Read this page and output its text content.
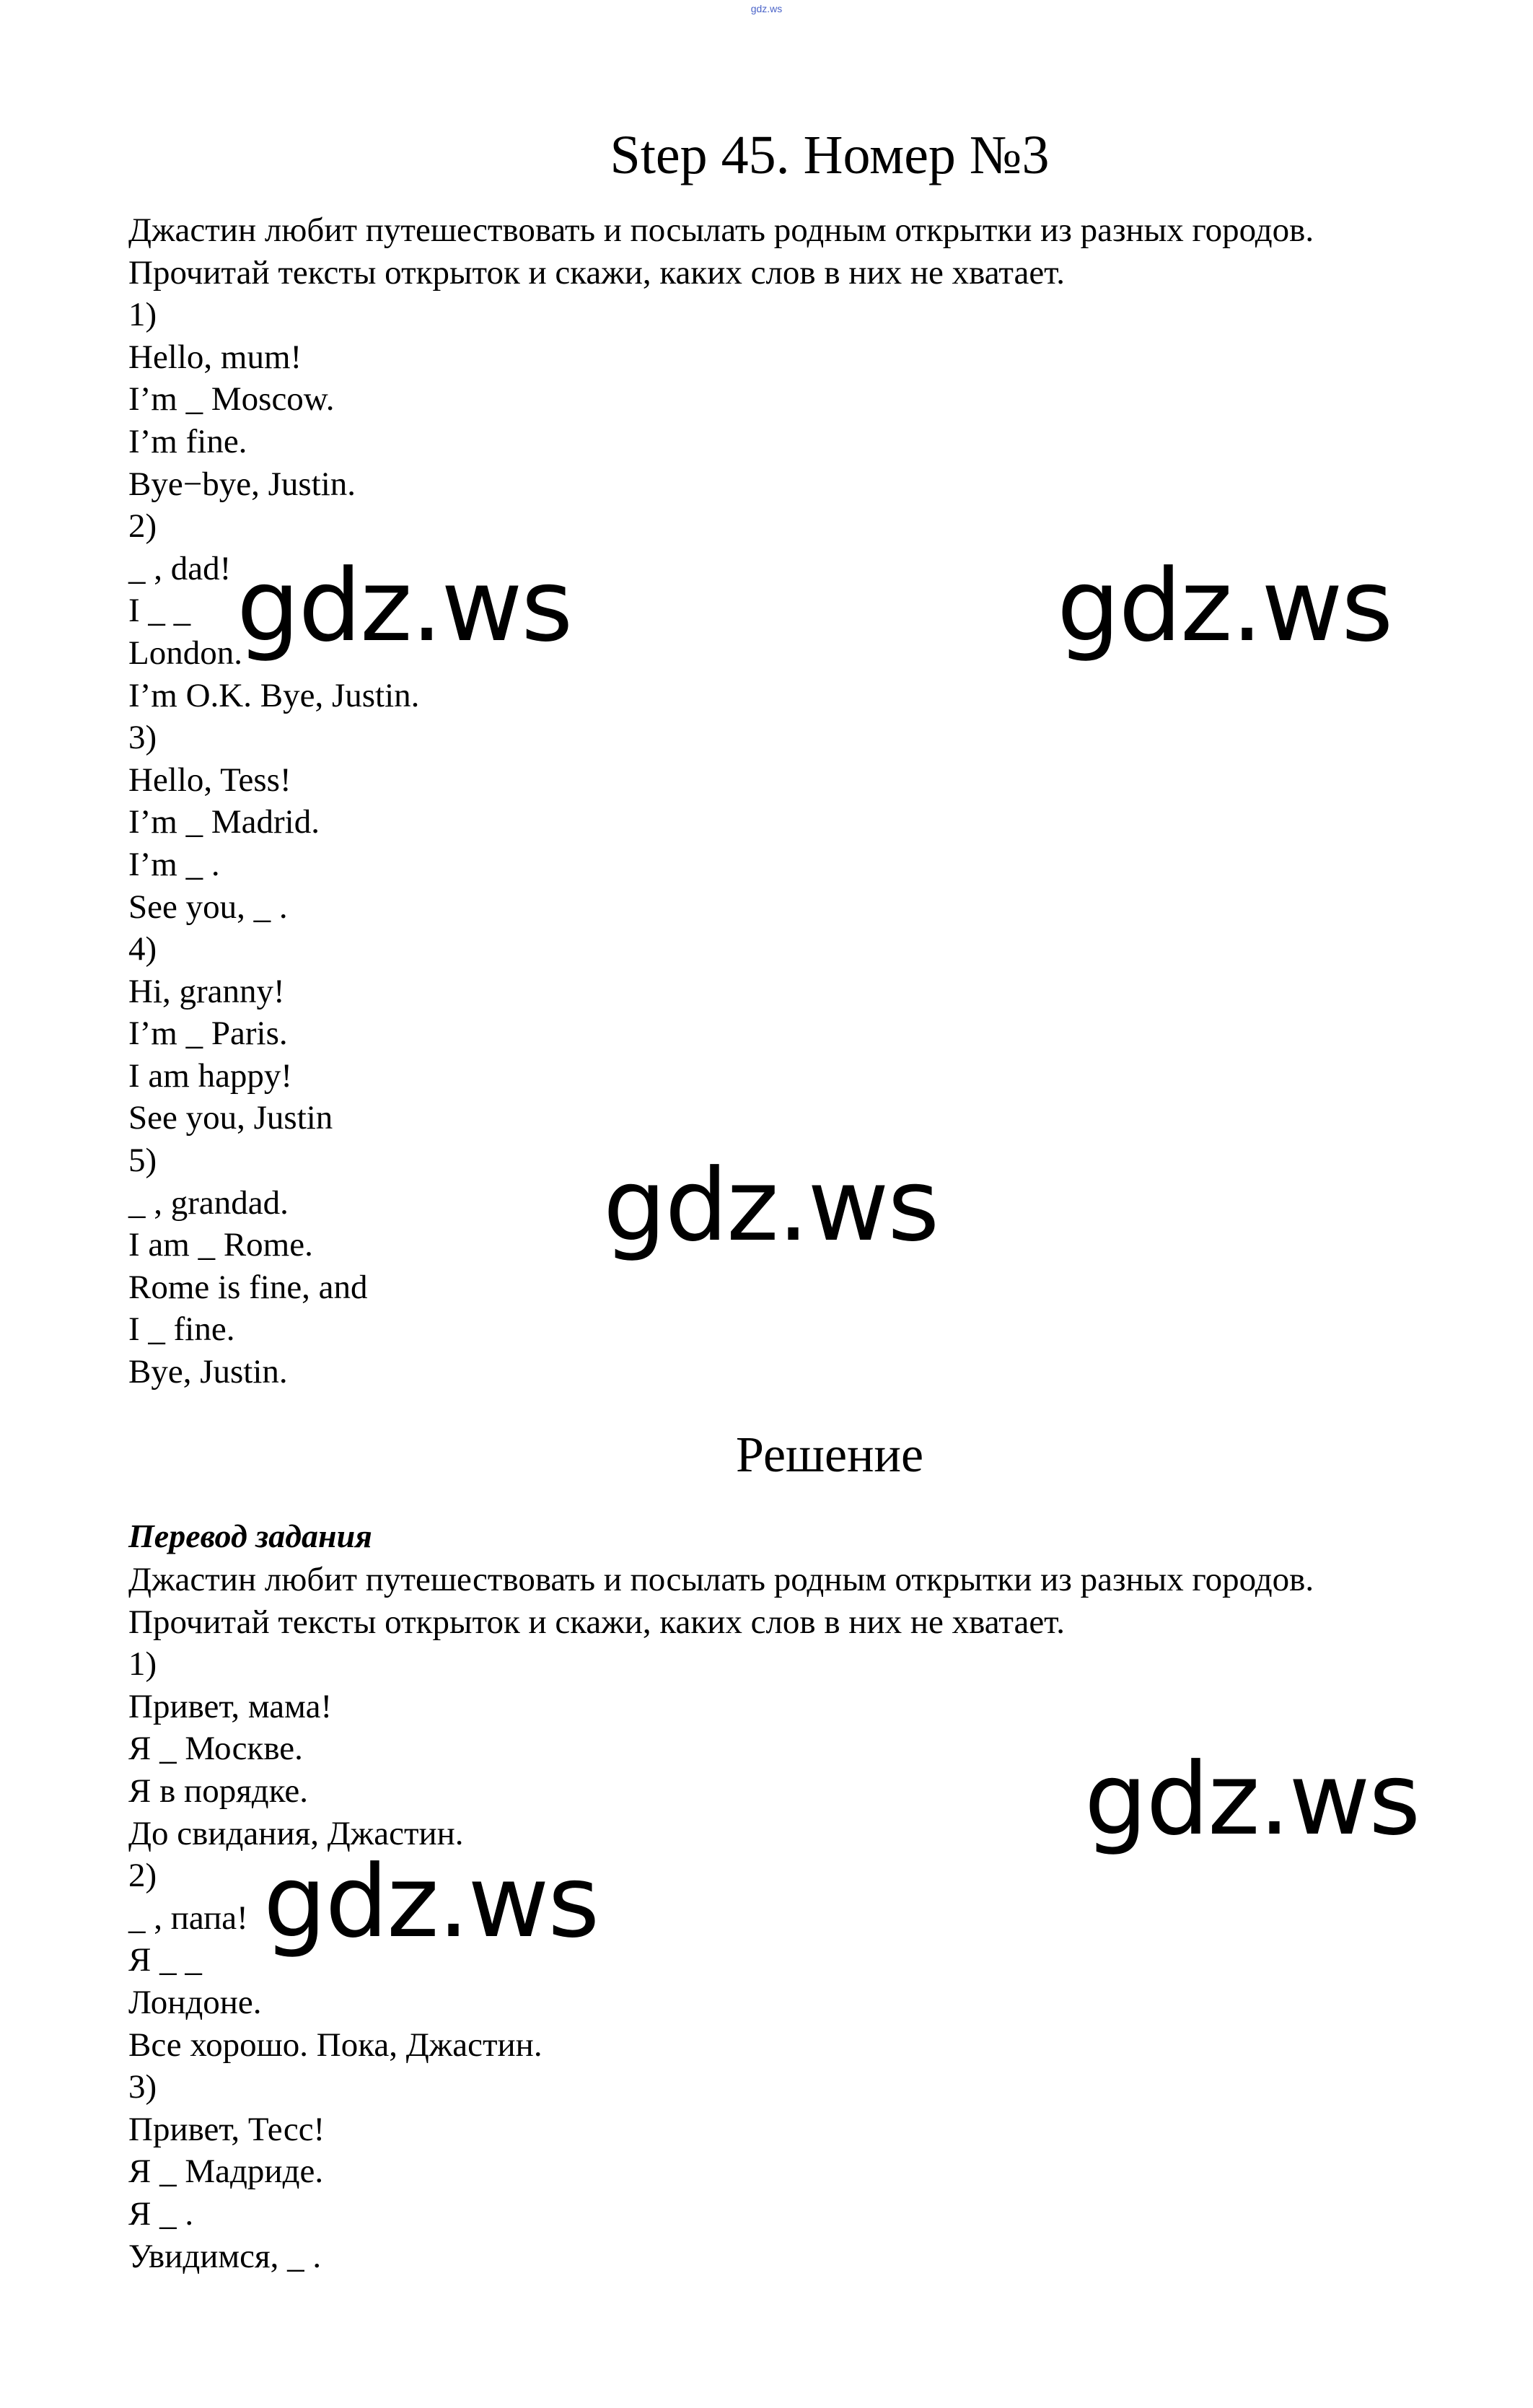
gdz.ws
Step 45. Номер №3
Джастин любит путешествовать и посылать родным открытки из разных городов.
Прочитай тексты открыток и скажи, каких слов в них не хватает.
1)
Hello, mum!
I’m _ Moscow.
I’m fine.
Bye−bye, Justin.
2)
_ , dad!
I _ _
London.
I’m O.K. Bye, Justin.
3)
Hello, Tess!
I’m _ Madrid.
I’m _ .
See you, _ .
4)
Hi, granny!
I’m _ Paris.
I am happy!
See you, Justin
5)
_ , grandad.
I am _ Rome.
Rome is fine, and
I _ fine.
Bye, Justin.
Решение
Перевод задания
Джастин любит путешествовать и посылать родным открытки из разных городов.
Прочитай тексты открыток и скажи, каких слов в них не хватает.
1)
Привет, мама!
Я _ Москве.
Я в порядке.
До свидания, Джастин.
2)
_ , папа!
Я _ _
Лондоне.
Все хорошо. Пока, Джастин.
3)
Привет, Тесс!
Я _ Мадриде.
Я _ .
Увидимся, _ .
gdz.ws	gdz.ws
gdz.ws
gdz.ws
gdz.ws
